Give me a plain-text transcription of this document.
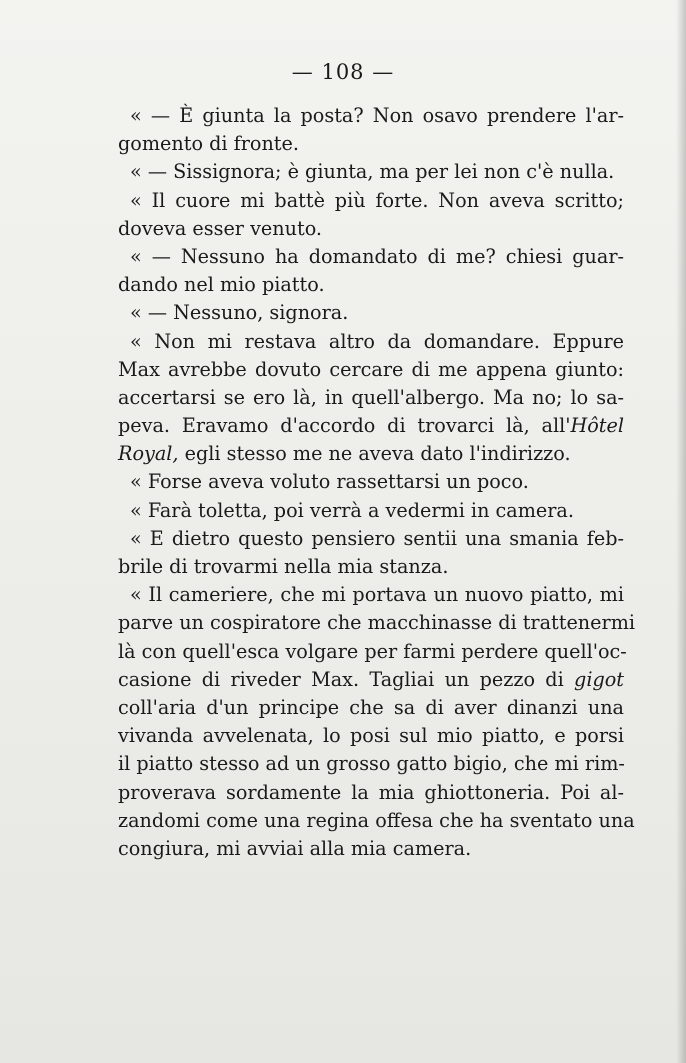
— 108 —
« — È giunta la posta? Non osavo prendere l'ar-
gomento di fronte.
« — Sissignora; è giunta, ma per lei non c'è nulla.
« Il cuore mi battè più forte. Non aveva scritto;
doveva esser venuto.
« — Nessuno ha domandato di me? chiesi guar-
dando nel mio piatto.
« — Nessuno, signora.
« Non mi restava altro da domandare. Eppure
Max avrebbe dovuto cercare di me appena giunto:
accertarsi se ero là, in quell'albergo. Ma no; lo sa-
peva. Eravamo d'accordo di trovarci là, all'Hôtel
Royal, egli stesso me ne aveva dato l'indirizzo.
« Forse aveva voluto rassettarsi un poco.
« Farà toletta, poi verrà a vedermi in camera.
« E dietro questo pensiero sentii una smania feb-
brile di trovarmi nella mia stanza.
« Il cameriere, che mi portava un nuovo piatto, mi
parve un cospiratore che macchinasse di trattenermi
là con quell'esca volgare per farmi perdere quell'oc-
casione di riveder Max. Tagliai un pezzo di gigot
coll'aria d'un principe che sa di aver dinanzi una
vivanda avvelenata, lo posi sul mio piatto, e porsi
il piatto stesso ad un grosso gatto bigio, che mi rim-
proverava sordamente la mia ghiottoneria. Poi al-
zandomi come una regina offesa che ha sventato una
congiura, mi avviai alla mia camera.
